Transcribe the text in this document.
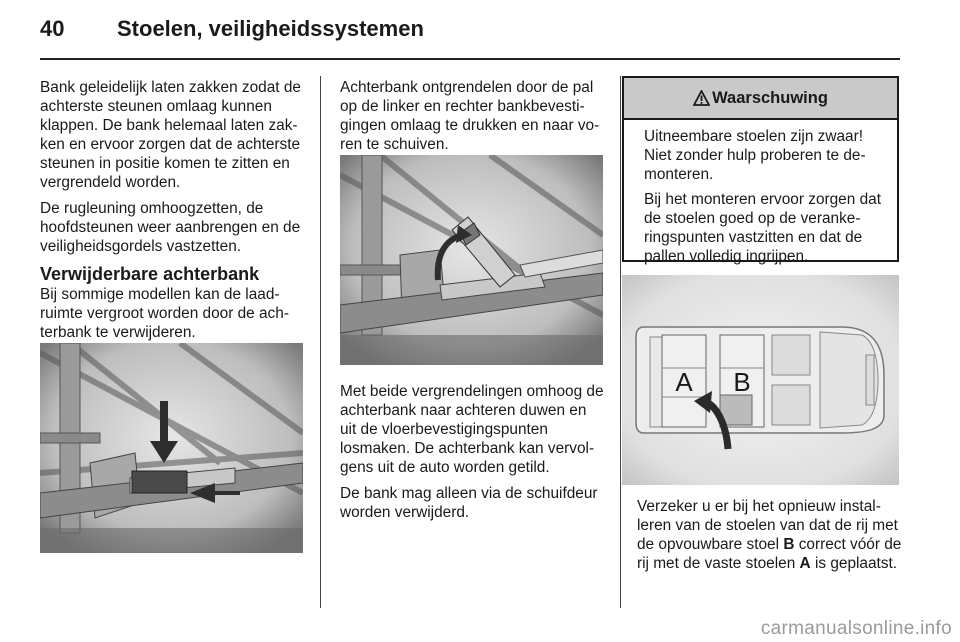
40 Stoelen, veiligheidssystemen

Bank geleidelijk laten zakken zodat de achterste steunen omlaag kunnen klappen. De bank helemaal laten zakken en ervoor zorgen dat de achterste steunen in positie komen te zitten en vergrendeld worden.

De rugleuning omhoogzetten, de hoofdsteunen weer aanbrengen en de veiligheidsgordels vastzetten.

Verwijderbare achterbank

Bij sommige modellen kan de laadruimte vergroot worden door de achterbank te verwijderen.

Achterbank ontgrendelen door de pal op de linker en rechter bankbevestigingen omlaag te drukken en naar voren te schuiven.

Met beide vergrendelingen omhoog de achterbank naar achteren duwen en uit de vloerbevestigingspunten losmaken. De achterbank kan vervolgens uit de auto worden getild.

De bank mag alleen via de schuifdeur worden verwijderd.

Waarschuwing

Uitneembare stoelen zijn zwaar! Niet zonder hulp proberen te demonteren.

Bij het monteren ervoor zorgen dat de stoelen goed op de verankeringspunten vastzitten en dat de pallen volledig ingrijpen.

A B

Verzeker u er bij het opnieuw installeren van de stoelen van dat de rij met de opvouwbare stoel B correct vóór de rij met de vaste stoelen A is geplaatst.

carmanualsonline.info
